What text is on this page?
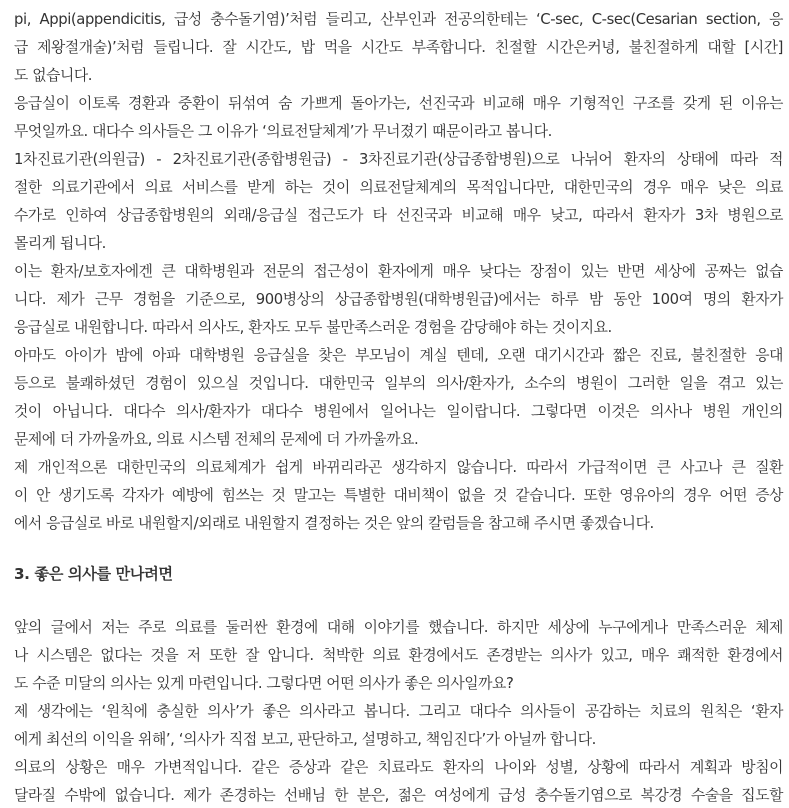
pi, Appi(appendicitis, 급성 충수돌기염)’처럼 들리고, 산부인과 전공의한테는 ‘C-sec, C-sec(Cesarian section, 응
급 제왕절개술)’처럼 들립니다. 잘 시간도, 밥 먹을 시간도 부족합니다. 친절할 시간은커녕, 불친절하게 대할 [시간]
도 없습니다.
응급실이 이토록 경환과 중환이 뒤섞여 숨 가쁘게 돌아가는, 선진국과 비교해 매우 기형적인 구조를 갖게 된 이유는
무엇일까요. 대다수 의사들은 그 이유가 ‘의료전달체계’가 무너졌기 때문이라고 봅니다.
1차진료기관(의원급) - 2차진료기관(종합병원급) - 3차진료기관(상급종합병원)으로 나뉘어 환자의 상태에 따라 적
절한 의료기관에서 의료 서비스를 받게 하는 것이 의료전달체계의 목적입니다만, 대한민국의 경우 매우 낮은 의료
수가로 인하여 상급종합병원의 외래/응급실 접근도가 타 선진국과 비교해 매우 낮고, 따라서 환자가 3차 병원으로
몰리게 됩니다.
이는 환자/보호자에겐 큰 대학병원과 전문의 접근성이 환자에게 매우 낮다는 장점이 있는 반면 세상에 공짜는 없습
니다. 제가 근무 경험을 기준으로, 900병상의 상급종합병원(대학병원급)에서는 하루 밤 동안 100여 명의 환자가
응급실로 내원합니다. 따라서 의사도, 환자도 모두 불만족스러운 경험을 감당해야 하는 것이지요.
아마도 아이가 밤에 아파 대학병원 응급실을 찾은 부모님이 계실 텐데, 오랜 대기시간과 짧은 진료, 불친절한 응대
등으로 불쾌하셨던 경험이 있으실 것입니다. 대한민국 일부의 의사/환자가, 소수의 병원이 그러한 일을 겪고 있는
것이 아닙니다. 대다수 의사/환자가 대다수 병원에서 일어나는 일이랍니다. 그렇다면 이것은 의사나 병원 개인의
문제에 더 가까울까요, 의료 시스템 전체의 문제에 더 가까울까요.
제 개인적으론 대한민국의 의료체계가 쉽게 바뀌리라곤 생각하지 않습니다. 따라서 가급적이면 큰 사고나 큰 질환
이 안 생기도록 각자가 예방에 힘쓰는 것 말고는 특별한 대비책이 없을 것 같습니다. 또한 영유아의 경우 어떤 증상
에서 응급실로 바로 내원할지/외래로 내원할지 결정하는 것은 앞의 칼럼들을 참고해 주시면 좋겠습니다.
3. 좋은 의사를 만나려면
앞의 글에서 저는 주로 의료를 둘러싼 환경에 대해 이야기를 했습니다. 하지만 세상에 누구에게나 만족스러운 체제
나 시스템은 없다는 것을 저 또한 잘 압니다. 척박한 의료 환경에서도 존경받는 의사가 있고, 매우 쾌적한 환경에서
도 수준 미달의 의사는 있게 마련입니다. 그렇다면 어떤 의사가 좋은 의사일까요?
제 생각에는 ‘원칙에 충실한 의사’가 좋은 의사라고 봅니다. 그리고 대다수 의사들이 공감하는 치료의 원칙은 ‘환자
에게 최선의 이익을 위해’, ‘의사가 직접 보고, 판단하고, 설명하고, 책임진다’가 아닐까 합니다.
의료의 상황은 매우 가변적입니다. 같은 증상과 같은 치료라도 환자의 나이와 성별, 상황에 따라서 계획과 방침이
달라질 수밖에 없습니다. 제가 존경하는 선배님 한 분은, 젊은 여성에게 급성 충수돌기염으로 복강경 수술을 집도할
